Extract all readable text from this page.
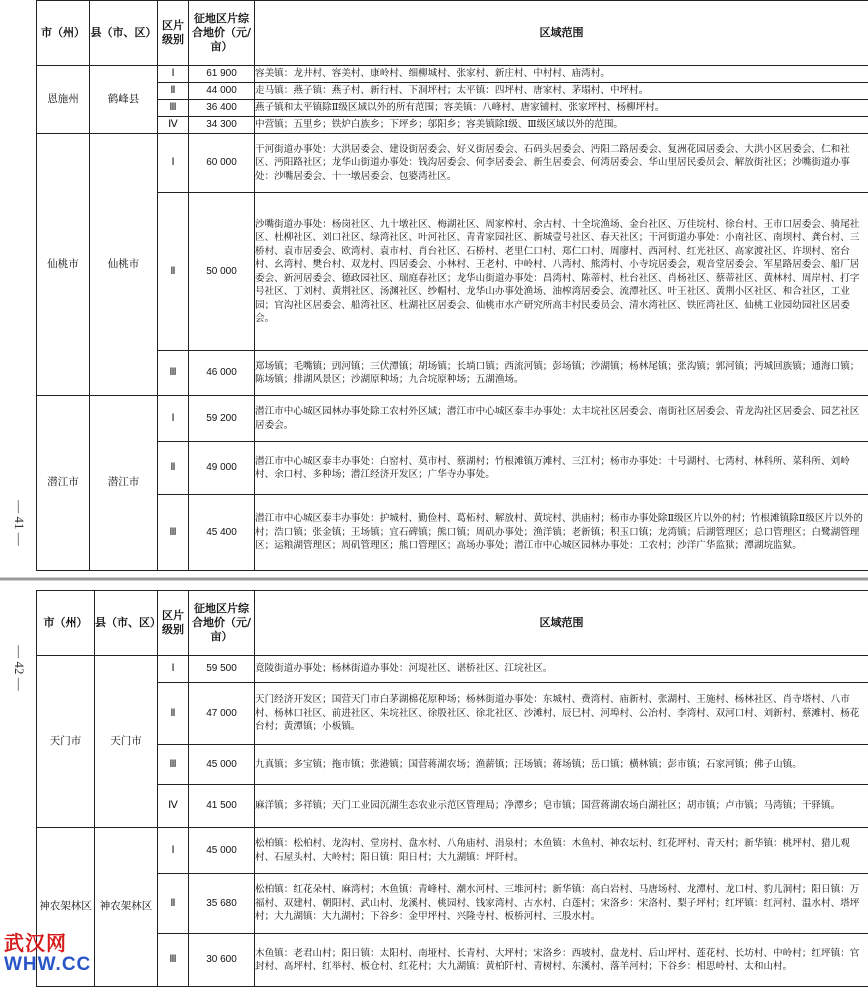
市（州）	县（市、区）	区片级别	征地区片综合地价（元/亩）	区域范围
恩施州	鹤峰县	Ⅰ	61 900	容美镇：龙井村、容美村、康岭村、细柳城村、张家村、新庄村、中村村、庙湾村。
		Ⅱ	44 000	走马镇：燕子镇：燕子村、新行村、下洞坪村；太平镇：四坪村、唐家村、茅塌村、中坪村。
		Ⅲ	36 400	燕子镇和太平镇除Ⅱ级区域以外的所有范围；容美镇：八峰村、唐家铺村、张家坪村、杨柳坪村。
		Ⅳ	34 300	中营镇；五里乡；铁炉白族乡；下坪乡；邬阳乡；容美镇除Ⅰ级、Ⅲ级区域以外的范围。
仙桃市	仙桃市	Ⅰ	60 000	干河街道办事处：大洪居委会、建设街居委会、好义街居委会、石码头居委会、沔阳二路居委会、复洲花园居委会、大洪小区居委会、仁和社区、沔阳路社区；龙华山街道办事处：钱沟居委会、何李居委会、新生居委会、何湾居委会、华山里居民委员会、解放街社区；沙嘴街道办事处：沙嘴居委会、十一墩居委会、包婆湾社区。
		Ⅱ	50 000	沙嘴街道办事处：杨岗社区、九十墩社区、梅湖社区、周家榨村、余古村、十全垸渔场、金台社区、万佳垸村、徐台村、王市口居委会、骑尾社区、杜柳社区、刘口社区、绿湾社区、叶河社区、青青家园社区、新城壹号社区、春天社区；干河街道办事处：小南社区、南坝村、龚台村、三桥村、袁市居委会、欧湾村、袁市村、肖台社区、石桥村、老里仁口村、郑仁口村、周廖村、西河村、红光社区、高家渡社区、许坝村、窑台村、幺湾村、樊台村、双龙村、四居委会、小林村、王老村、中岭村、八湾村、熊湾村、小寺垸居委会，观音堂居委会、军星路居委会、船厂居委会、新河居委会、德政园社区、瑞庭春社区；龙华山街道办事处：昌湾村、陈蒂村、杜台社区、肖杨社区、蔡蒂社区、黄林村、周岸村、打字号社区、丁刘村、黄荆社区、汤渊社区、纱帽村、龙华山办事处渔场、油榨湾居委会、流潭社区、叶王社区、黄荆小区社区、和合社区，工业园；官沟社区居委会、船湾社区、杜湖社区居委会、仙桃市水产研究所高丰村民委员会、清水湾社区、铁匠湾社区、仙桃工业园幼园社区居委会。
		Ⅲ	46 000	郑场镇；毛嘴镇；剅河镇；三伏潭镇；胡场镇；长埫口镇；西流河镇；彭场镇；沙湖镇；杨林尾镇；张沟镇；郭河镇；沔城回族镇；通海口镇；陈场镇；排湖风景区；沙湖原种场；九合垸原种场；五湖渔场。
潜江市	潜江市	Ⅰ	59 200	潜江市中心城区园林办事处除工农村外区域；潜江市中心城区泰丰办事处：太丰垸社区居委会、南街社区居委会、青龙沟社区居委会、园艺社区居委会。
		Ⅱ	49 000	潜江市中心城区泰丰办事处：白窑村、莫市村、蔡湖村；竹根滩镇万滩村、三江村；杨市办事处：十号湖村、七湾村、林科所、菜科所、刘岭村、余口村、多种场；潜江经济开发区；广华寺办事处。
		Ⅲ	45 400	潜江市中心城区泰丰办事处：护城村、勤俭村、葛柘村、解放村、黄垸村、洪庙村；杨市办事处除Ⅱ级区片以外的村；竹根滩镇除Ⅱ级区片以外的村；浩口镇；张金镇；王场镇；宜石碑镇；熊口镇；周矶办事处；渔洋镇；老新镇；积玉口镇；龙湾镇；后湖管理区；总口管理区；白鹭湖管理区；运粮湖管理区；周矶管理区；熊口管理区；高场办事处；潜江市中心城区园林办事处：工农村；沙洋广华监狱；潭湖垸监狱。
市（州）	县（市、区）	区片级别	征地区片综合地价（元/亩）	区域范围
天门市	天门市	Ⅰ	59 500	竟陵街道办事处；杨林街道办事处：河堤社区、谌桥社区、江垸社区。
		Ⅱ	47 000	天门经济开发区；国营天门市白茅湖棉花原种场；杨林街道办事处：东城村、费湾村、庙新村、张湖村、王施村、杨林社区、肖寺塔村、八市村、杨林口社区、前进社区、朱垸社区、徐殷社区、徐北社区、沙滩村、辰巳村、河埠村、公冶村、李湾村、双河口村、刘新村、蔡滩村、杨花台村；黄潭镇；小板镇。
		Ⅲ	45 000	九真镇；多宝镇；拖市镇；张港镇；国营蒋湖农场；渔薪镇；汪场镇；蒋场镇；岳口镇；横林镇；彭市镇；石家河镇；佛子山镇。
		Ⅳ	41 500	麻洋镇；多祥镇；天门工业园沉湖生态农业示范区管理局；净潭乡；皂市镇；国营蒋湖农场白湖社区；胡市镇；卢市镇；马湾镇；干驿镇。
神农架林区	神农架林区	Ⅰ	45 000	松柏镇：松柏村、龙沟村、堂房村、盘水村、八角庙村、涓泉村；木鱼镇：木鱼村、神农坛村、红花坪村、青天村；新华镇：桃坪村、猎儿观村、石屋头村、大岭村；阳日镇：阳日村；大九湖镇：坪阡村。
		Ⅱ	35 680	松柏镇：红花朵村、麻湾村；木鱼镇：青峰村、潮水河村、三堆河村；新华镇：高白岩村、马唐场村、龙潭村、龙口村、豹儿洞村；阳日镇：万福村、双建村、朝阳村、武山村、龙溪村、桃园村、钱家湾村、古水村、白莲村；宋洛乡：宋洛村、梨子坪村；红坪镇：红河村、温水村、塔坪村；大九湖镇：大九湖村；下谷乡：金甲坪村、兴隆寺村、板桥河村、三股水村。
		Ⅲ	30 600	木鱼镇：老君山村；阳日镇：太阳村、南垭村、长青村、大坪村；宋洛乡：西坡村、盘龙村、后山坪村、莲花村、长坊村、中岭村；红坪镇：官封村、高坪村、红举村、板仓村、红花村；大九湖镇：黄柏阡村、青树村、东溪村、落羊河村；下谷乡：相思岭村、太和山村。
— 41 —
— 42 —
武汉网
WHW.CC
